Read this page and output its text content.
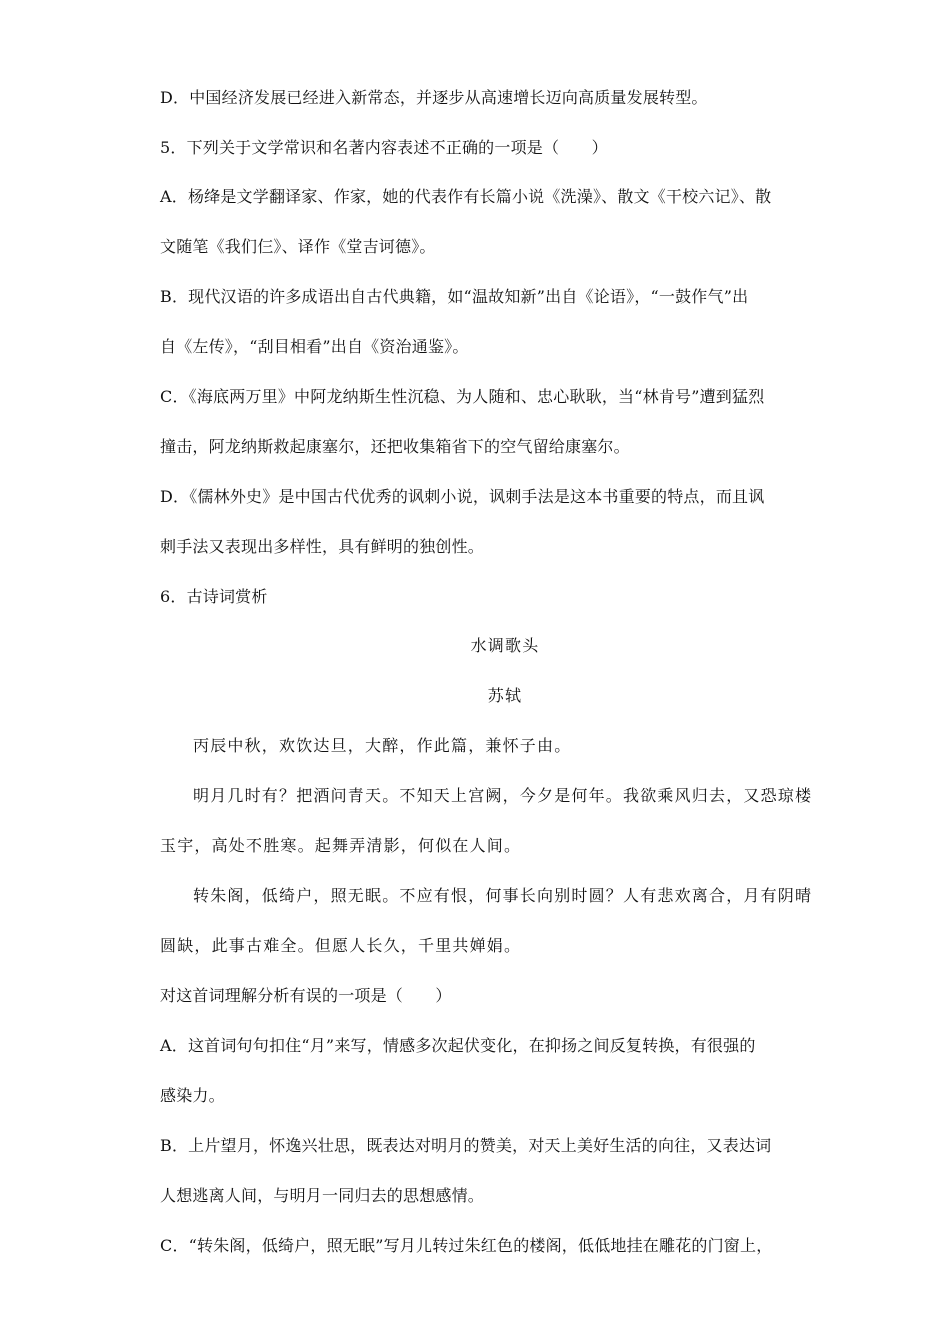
D．中国经济发展已经进入新常态，并逐步从高速增长迈向高质量发展转型。
5．下列关于文学常识和名著内容表述不正确的一项是（　　）
A．杨绛是文学翻译家、作家，她的代表作有长篇小说《洗澡》、散文《干校六记》、散
文随笔《我们仨》、译作《堂吉诃德》。
B．现代汉语的许多成语出自古代典籍，如“温故知新”出自《论语》，“一鼓作气”出
自《左传》，“刮目相看”出自《资治通鉴》。
C．《海底两万里》中阿龙纳斯生性沉稳、为人随和、忠心耿耿，当“林肯号”遭到猛烈
撞击，阿龙纳斯救起康塞尔，还把收集箱省下的空气留给康塞尔。
D．《儒林外史》是中国古代优秀的讽刺小说，讽刺手法是这本书重要的特点，而且讽
刺手法又表现出多样性，具有鲜明的独创性。
6．古诗词赏析
水调歌头
苏轼
丙辰中秋，欢饮达旦，大醉，作此篇，兼怀子由。
明月几时有？把酒问青天。不知天上宫阙，今夕是何年。我欲乘风归去，又恐琼楼
玉宇，高处不胜寒。起舞弄清影，何似在人间。
转朱阁，低绮户，照无眠。不应有恨，何事长向别时圆？人有悲欢离合，月有阴晴
圆缺，此事古难全。但愿人长久，千里共婵娟。
对这首词理解分析有误的一项是（　　）
A．这首词句句扣住“月”来写，情感多次起伏变化，在抑扬之间反复转换，有很强的
感染力。
B．上片望月，怀逸兴壮思，既表达对明月的赞美，对天上美好生活的向往，又表达词
人想逃离人间，与明月一同归去的思想感情。
C．“转朱阁，低绮户，照无眠”写月儿转过朱红色的楼阁，低低地挂在雕花的门窗上，
